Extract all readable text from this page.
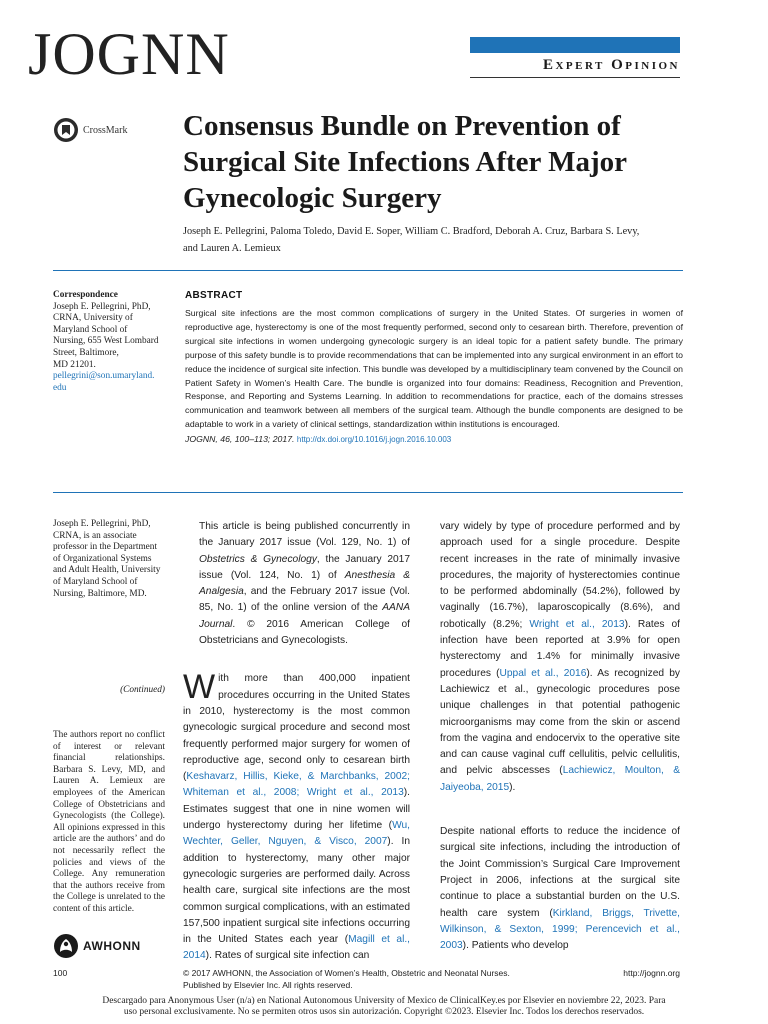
JOGNN	Expert Opinion
CrossMark Consensus Bundle on Prevention of
Surgical Site Infections After Major
Gynecologic Surgery
Joseph E. Pellegrini, Paloma Toledo, David E. Soper, William C. Bradford, Deborah A. Cruz, Barbara S. Levy,
and Lauren A. Lemieux
Correspondence
Joseph E. Pellegrini, PhD,
CRNA, University of
Maryland School of
Nursing, 655 West Lombard
Street, Baltimore,
MD 21201.
pellegrini@son.umaryland.
edu
ABSTRACT
Surgical site infections are the most common complications of surgery in the United States. Of surgeries in women of reproductive age, hysterectomy is one of the most frequently performed, second only to cesarean birth. Therefore, prevention of surgical site infections in women undergoing gynecologic surgery is an ideal topic for a patient safety bundle. The primary purpose of this safety bundle is to provide recommendations that can be implemented into any surgical environment in an effort to reduce the incidence of surgical site infection. This bundle was developed by a multidisciplinary team convened by the Council on Patient Safety in Women’s Health Care. The bundle is organized into four domains: Readiness, Recognition and Prevention, Response, and Reporting and Systems Learning. In addition to recommendations for practice, each of the domains stresses communication and teamwork between all members of the surgical team. Although the bundle components are designed to be adaptable to work in a variety of clinical settings, standardization within institutions is encouraged.
JOGNN, 46, 100–113; 2017. http://dx.doi.org/10.1016/j.jogn.2016.10.003
Joseph E. Pellegrini, PhD,
CRNA, is an associate
professor in the Department
of Organizational Systems
and Adult Health, University
of Maryland School of
Nursing, Baltimore, MD.
(Continued)
The authors report no conflict of interest or relevant financial relationships. Barbara S. Levy, MD, and Lauren A. Lemieux are employees of the American College of Obstetricians and Gynecologists (the College). All opinions expressed in this article are the authors’ and do not necessarily reflect the policies and views of the College. Any remuneration that the authors receive from the College is unrelated to the content of this article.
AWHONN

This article is being published concurrently in the January 2017 issue (Vol. 129, No. 1) of Obstetrics & Gynecology, the January 2017 issue (Vol. 124, No. 1) of Anesthesia & Analgesia, and the February 2017 issue (Vol. 85, No. 1) of the online version of the AANA Journal. © 2016 American College of Obstetricians and Gynecologists.

With more than 400,000 inpatient procedures occurring in the United States in 2010, hysterectomy is the most common gynecologic surgical procedure and second most frequently performed major surgery for women of reproductive age, second only to cesarean birth (Keshavarz, Hillis, Kieke, & Marchbanks, 2002; Whiteman et al., 2008; Wright et al., 2013). Estimates suggest that one in nine women will undergo hysterectomy during her lifetime (Wu, Wechter, Geller, Nguyen, & Visco, 2007). In addition to hysterectomy, many other major gynecologic surgeries are performed daily. Across health care, surgical site infections are the most common surgical complications, with an estimated 157,500 inpatient surgical site infections occurring in the United States each year (Magill et al., 2014). Rates of surgical site infection can

vary widely by type of procedure performed and by approach used for a single procedure. Despite recent increases in the rate of minimally invasive procedures, the majority of hysterectomies continue to be performed abdominally (54.2%), followed by vaginally (16.7%), laparoscopically (8.6%), and robotically (8.2%; Wright et al., 2013). Rates of infection have been reported at 3.9% for open hysterectomy and 1.4% for minimally invasive procedures (Uppal et al., 2016). As recognized by Lachiewicz et al., gynecologic procedures pose unique challenges in that potential pathogenic microorganisms may come from the skin or ascend from the vagina and endocervix to the operative site and can cause vaginal cuff cellulitis, pelvic cellulitis, and pelvic abscesses (Lachiewicz, Moulton, & Jaiyeoba, 2015).

Despite national efforts to reduce the incidence of surgical site infections, including the introduction of the Joint Commission’s Surgical Care Improvement Project in 2006, infections at the surgical site continue to place a substantial burden on the U.S. health care system (Kirkland, Briggs, Trivette, Wilkinson, & Sexton, 1999; Perencevich et al., 2003). Patients who develop

100	© 2017 AWHONN, the Association of Women’s Health, Obstetric and Neonatal Nurses.
Published by Elsevier Inc. All rights reserved.
http://jognn.org
Descargado para Anonymous User (n/a) en National Autonomous University of Mexico de ClinicalKey.es por Elsevier en noviembre 22, 2023. Para
uso personal exclusivamente. No se permiten otros usos sin autorización. Copyright ©2023. Elsevier Inc. Todos los derechos reservados.
